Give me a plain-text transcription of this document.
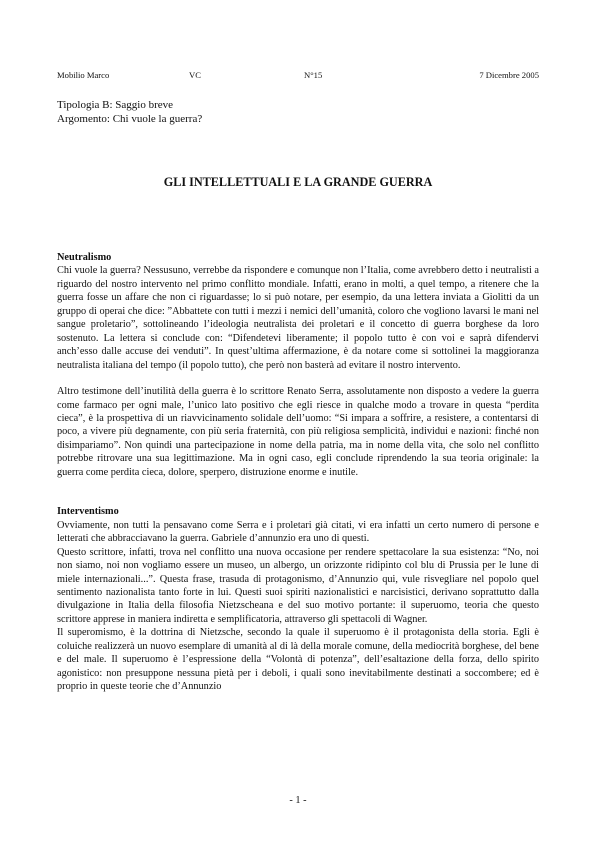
Mobilio Marco	VC	N°15	7 Dicembre 2005
Tipologia B: Saggio breve
Argomento: Chi vuole la guerra?
GLI INTELLETTUALI E LA GRANDE GUERRA
Neutralismo

Chi vuole la guerra? Nessusuno, verrebbe da rispondere e comunque non l’Italia, come avrebbero detto i neutralisti a riguardo del nostro intervento nel primo conflitto mondiale. Infatti, erano in molti, a quel tempo, a ritenere che la guerra fosse un affare che non ci riguardasse; lo si può notare, per esempio, da una lettera inviata a Giolitti da un gruppo di operai che dice: ”Abbattete con tutti i mezzi i nemici dell’umanità, coloro che vogliono lavarsi le mani nel sangue proletario”, sottolineando l’ideologia neutralista dei proletari e il concetto di guerra borghese da loro sostenuto. La lettera si conclude con: “Difendetevi liberamente; il popolo tutto è con voi e saprà difendervi anch’esso dalle accuse dei venduti”. In quest’ultima affermazione, è da notare come si sottolinei la maggioranza neutralista italiana del tempo (il popolo tutto), che però non basterà ad evitare il nostro intervento.

Altro testimone dell’inutilità della guerra è lo scrittore Renato Serra, assolutamente non disposto a vedere la guerra come farmaco per ogni male, l’unico lato positivo che egli riesce in qualche modo a trovare in questa “perdita cieca”, è la prospettiva di un riavvicinamento solidale dell’uomo: “Si impara a soffrire, a resistere, a contentarsi di poco, a vivere più degnamente, con più seria fraternità, con più religiosa semplicità, individui e nazioni: finché non disimpariamo”. Non quindi una partecipazione in nome della patria, ma in nome della vita, che solo nel conflitto potrebbe ritrovare una sua legittimazione. Ma in ogni caso, egli conclude riprendendo la sua teoria originale: la guerra come perdita cieca, dolore, sperpero, distruzione enorme e inutile.

Interventismo

Ovviamente, non tutti la pensavano come Serra e i proletari già citati, vi era infatti un certo numero di persone e letterati che abbracciavano la guerra. Gabriele d’annunzio era uno di questi.

Questo scrittore, infatti, trova nel conflitto una nuova occasione per rendere spettacolare la sua esistenza: “No, noi non siamo, noi non vogliamo essere un museo, un albergo, un orizzonte ridipinto col blu di Prussia per le lune di miele internazionali...”. Questa frase, trasuda di protagonismo, d’Annunzio qui, vule risvegliare nel popolo quel sentimento nazionalista tanto forte in lui. Questi suoi spiriti nazionalistici e narcisistici, derivano soprattutto dalla divulgazione in Italia della filosofia Nietzscheana e del suo motivo portante: il superuomo, teoria che questo scrittore apprese in maniera indiretta e semplificatoria, attraverso gli spettacoli di Wagner.

Il superomismo, è la dottrina di Nietzsche, secondo la quale il superuomo è il protagonista della storia. Egli è coluiche realizzerà un nuovo esemplare di umanità al di là della morale comune, della mediocrità borghese, del bene e del male. Il superuomo è l’espressione della “Volontà di potenza”, dell’esaltazione della forza, dello spirito agonistico: non presuppone nessuna pietà per i deboli, i quali sono inevitabilmente destinati a soccombere; ed è proprio in queste teorie che d’Annunzio

- 1 -
